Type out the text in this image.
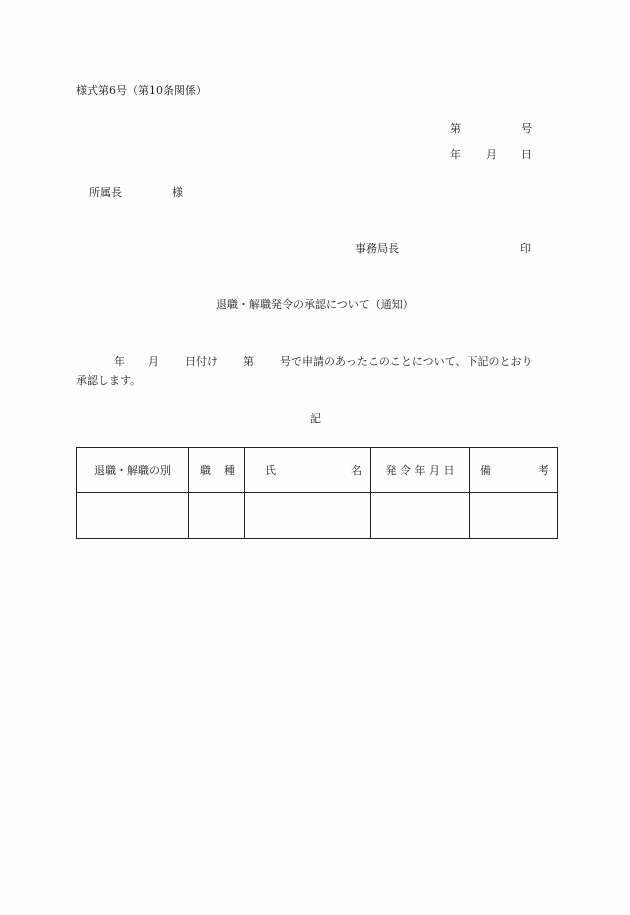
様式第6号（第10条関係）
第	号
年 月 日
所属長	様
事務局長	印
退職・解職発令の承認について（通知）
年 月 日付け 第 号で申請のあったこのことについて、下記のとおり
承認します。
記
退職・解職の別	職 種	氏 名	発 令 年 月 日	備 考
